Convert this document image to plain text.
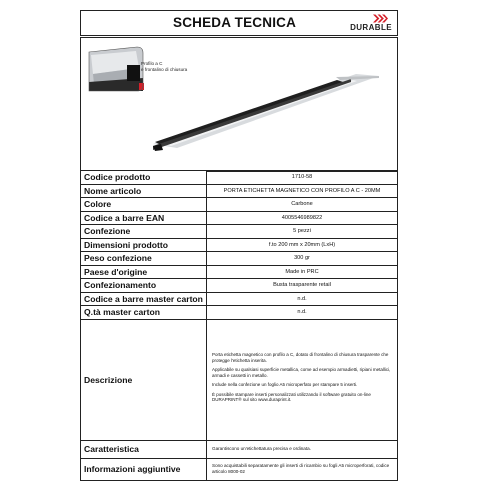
SCHEDA TECNICA	DURABLE
Profilo a C
e frontalino di chiusura
Codice prodotto	1710-58
Nome articolo	PORTA ETICHETTA MAGNETICO CON PROFILO A C - 20MM
Colore	Carbone
Codice a barre EAN	4005546989822
Confezione	5 pezzi
Dimensioni prodotto	f.to 200 mm x 20mm (LxH)
Peso confezione	300 gr
Paese d'origine	Made in PRC
Confezionamento	Busta trasparente retail
Codice a barre master carton	n.d.
Q.tà master carton	n.d.
Descrizione	Porta etichetta magnetico con profilo a C, dotato di frontalino di chiusura trasparente che protegge l'etichetta inserita.

Applicabile su qualsiasi superficie metallica, come ad esempio armadietti, ripiani metallici, armadi e cassetti in metallo.

Include nella confezione un foglio A5 microperfato per stampare 5 inserti.

È possibile stampare inserti personalizzati utilizzando il software gratuito on-line DURAPRINT® sul sito www.duraprint.it.

Caratteristica	Garantiscono un'etichettatura precisa e ordinata.
Informazioni aggiuntive	Sono acquistabili separatamente gli inserti di ricambio su fogli A5 microperforati, codice articolo 8000-02
